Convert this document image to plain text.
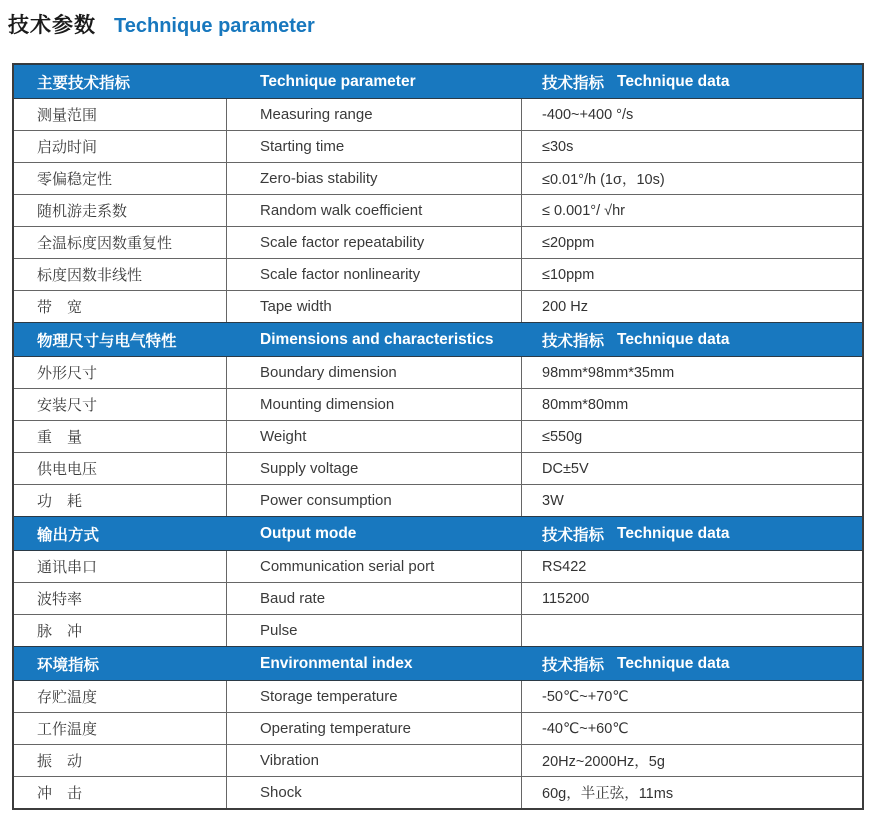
技术参数 Technique parameter
主要技术指标	Technique parameter	技术指标 Technique data
测量范围	Measuring range	-400~+400 °/s
启动时间	Starting time	≤30s
零偏稳定性	Zero-bias stability	≤0.01°/h (1σ，10s)
随机游走系数	Random walk coefficient	≤ 0.001°/ √hr
全温标度因数重复性	Scale factor repeatability	≤20ppm
标度因数非线性	Scale factor nonlinearity	≤10ppm
带　宽	Tape width	200 Hz
物理尺寸与电气特性	Dimensions and characteristics	技术指标 Technique data
外形尺寸	Boundary dimension	98mm*98mm*35mm
安装尺寸	Mounting dimension	80mm*80mm
重　量	Weight	≤550g
供电电压	Supply voltage	DC±5V
功　耗	Power consumption	3W
输出方式	Output mode	技术指标 Technique data
通讯串口	Communication serial port	RS422
波特率	Baud rate	115200
脉　冲	Pulse
环境指标	Environmental index	技术指标 Technique data
存贮温度	Storage temperature	-50℃~+70℃
工作温度	Operating temperature	-40℃~+60℃
振　动	Vibration	20Hz~2000Hz，5g
冲　击	Shock	60g，半正弦，11ms
